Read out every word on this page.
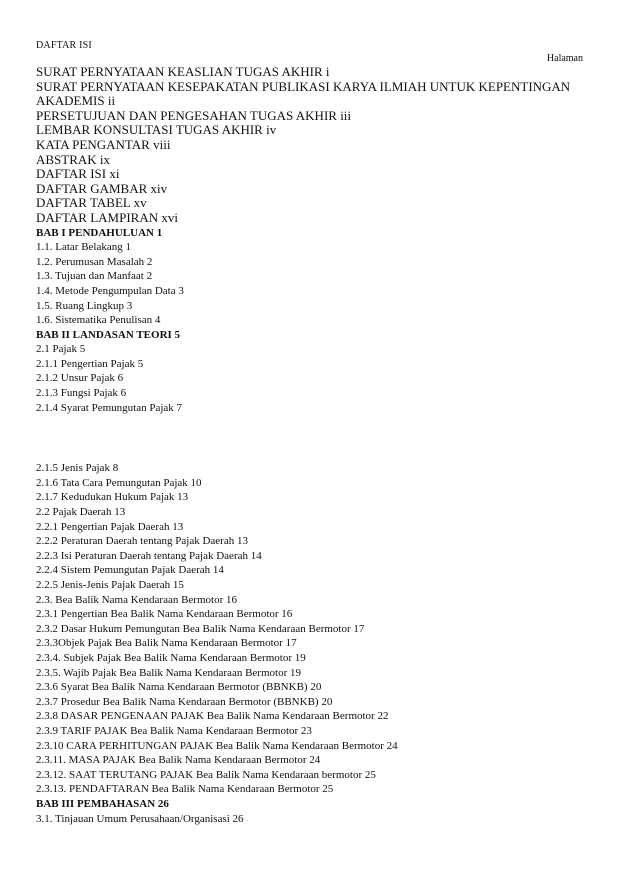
DAFTAR ISI
Halaman
SURAT PERNYATAAN KEASLIAN TUGAS AKHIR i
SURAT PERNYATAAN KESEPAKATAN PUBLIKASI KARYA ILMIAH UNTUK KEPENTINGAN AKADEMIS ii
PERSETUJUAN DAN PENGESAHAN TUGAS AKHIR iii
LEMBAR KONSULTASI TUGAS AKHIR iv
KATA PENGANTAR viii
ABSTRAK ix
DAFTAR ISI xi
DAFTAR GAMBAR xiv
DAFTAR TABEL xv
DAFTAR LAMPIRAN xvi
BAB I PENDAHULUAN 1
1.1. Latar Belakang 1
1.2. Perumusan Masalah 2
1.3. Tujuan dan Manfaat 2
1.4. Metode Pengumpulan Data 3
1.5. Ruang Lingkup 3
1.6. Sistematika Penulisan 4
BAB II LANDASAN TEORI 5
2.1 Pajak 5
2.1.1 Pengertian Pajak 5
2.1.2 Unsur Pajak 6
2.1.3 Fungsi Pajak 6
2.1.4 Syarat Pemungutan Pajak 7
2.1.5 Jenis Pajak 8
2.1.6 Tata Cara Pemungutan Pajak 10
2.1.7 Kedudukan Hukum Pajak 13
2.2 Pajak Daerah 13
2.2.1 Pengertian Pajak Daerah 13
2.2.2 Peraturan Daerah tentang Pajak Daerah 13
2.2.3 Isi Peraturan Daerah tentang Pajak Daerah 14
2.2.4 Sistem Pemungutan Pajak Daerah 14
2.2.5 Jenis-Jenis Pajak Daerah 15
2.3. Bea Balik Nama Kendaraan Bermotor 16
2.3.1 Pengertian Bea Balik Nama Kendaraan Bermotor 16
2.3.2 Dasar Hukum Pemungutan Bea Balik Nama Kendaraan Bermotor 17
2.3.3Objek Pajak Bea Balik Nama Kendaraan Bermotor 17
2.3.4. Subjek Pajak Bea Balik Nama Kendaraan Bermotor 19
2.3.5. Wajib Pajak Bea Balik Nama Kendaraan Bermotor 19
2.3.6 Syarat Bea Balik Nama Kendaraan Bermotor (BBNKB) 20
2.3.7 Prosedur Bea Balik Nama Kendaraan Bermotor (BBNKB) 20
2.3.8 DASAR PENGENAAN PAJAK Bea Balik Nama Kendaraan Bermotor 22
2.3.9 TARIF PAJAK Bea Balik Nama Kendaraan Bermotor 23
2.3.10 CARA PERHITUNGAN PAJAK Bea Balik Nama Kendaraan Bermotor 24
2.3.11. MASA PAJAK Bea Balik Nama Kendaraan Bermotor 24
2.3.12. SAAT TERUTANG PAJAK Bea Balik Nama Kendaraan bermotor 25
2.3.13. PENDAFTARAN Bea Balik Nama Kendaraan Bermotor 25
BAB III PEMBAHASAN 26
3.1. Tinjauan Umum Perusahaan/Organisasi 26
